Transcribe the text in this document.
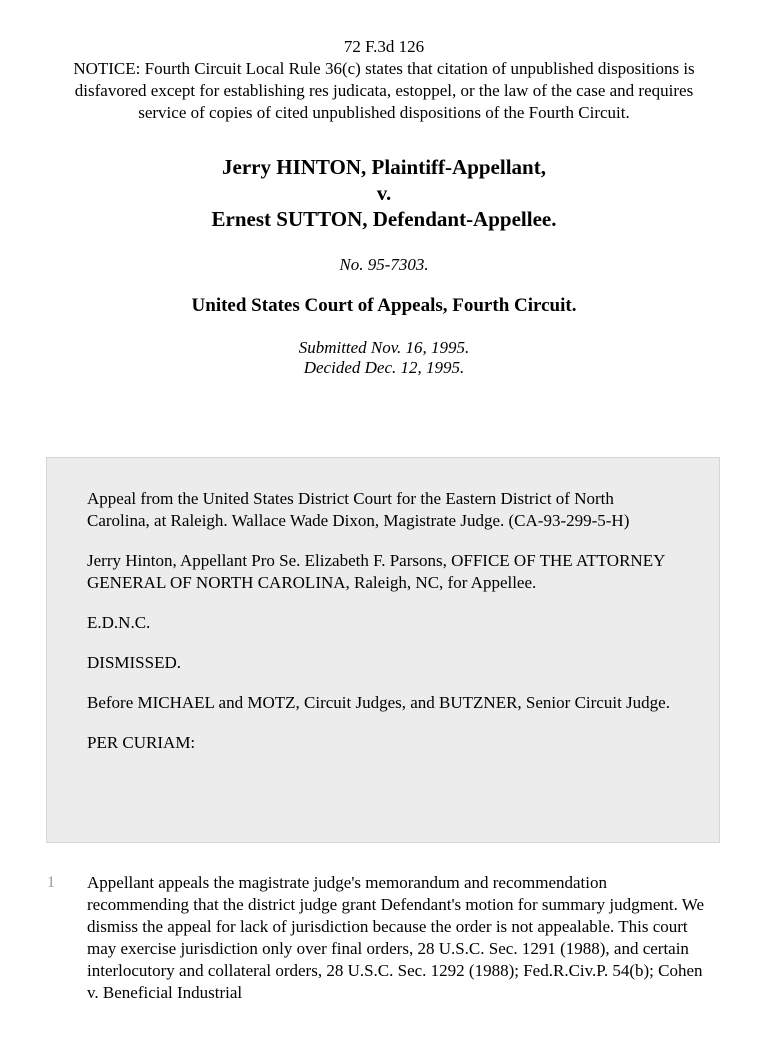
72 F.3d 126
NOTICE: Fourth Circuit Local Rule 36(c) states that citation of unpublished dispositions is disfavored except for establishing res judicata, estoppel, or the law of the case and requires service of copies of cited unpublished dispositions of the Fourth Circuit.
Jerry HINTON, Plaintiff-Appellant,
v.
Ernest SUTTON, Defendant-Appellee.
No. 95-7303.
United States Court of Appeals, Fourth Circuit.
Submitted Nov. 16, 1995.
Decided Dec. 12, 1995.

Appeal from the United States District Court for the Eastern District of North Carolina, at Raleigh. Wallace Wade Dixon, Magistrate Judge. (CA-93-299-5-H)

Jerry Hinton, Appellant Pro Se. Elizabeth F. Parsons, OFFICE OF THE ATTORNEY GENERAL OF NORTH CAROLINA, Raleigh, NC, for Appellee.

E.D.N.C.

DISMISSED.

Before MICHAEL and MOTZ, Circuit Judges, and BUTZNER, Senior Circuit Judge.

PER CURIAM:

1 Appellant appeals the magistrate judge's memorandum and recommendation recommending that the district judge grant Defendant's motion for summary judgment. We dismiss the appeal for lack of jurisdiction because the order is not appealable. This court may exercise jurisdiction only over final orders, 28 U.S.C. Sec. 1291 (1988), and certain interlocutory and collateral orders, 28 U.S.C. Sec. 1292 (1988); Fed.R.Civ.P. 54(b); Cohen v. Beneficial Industrial
